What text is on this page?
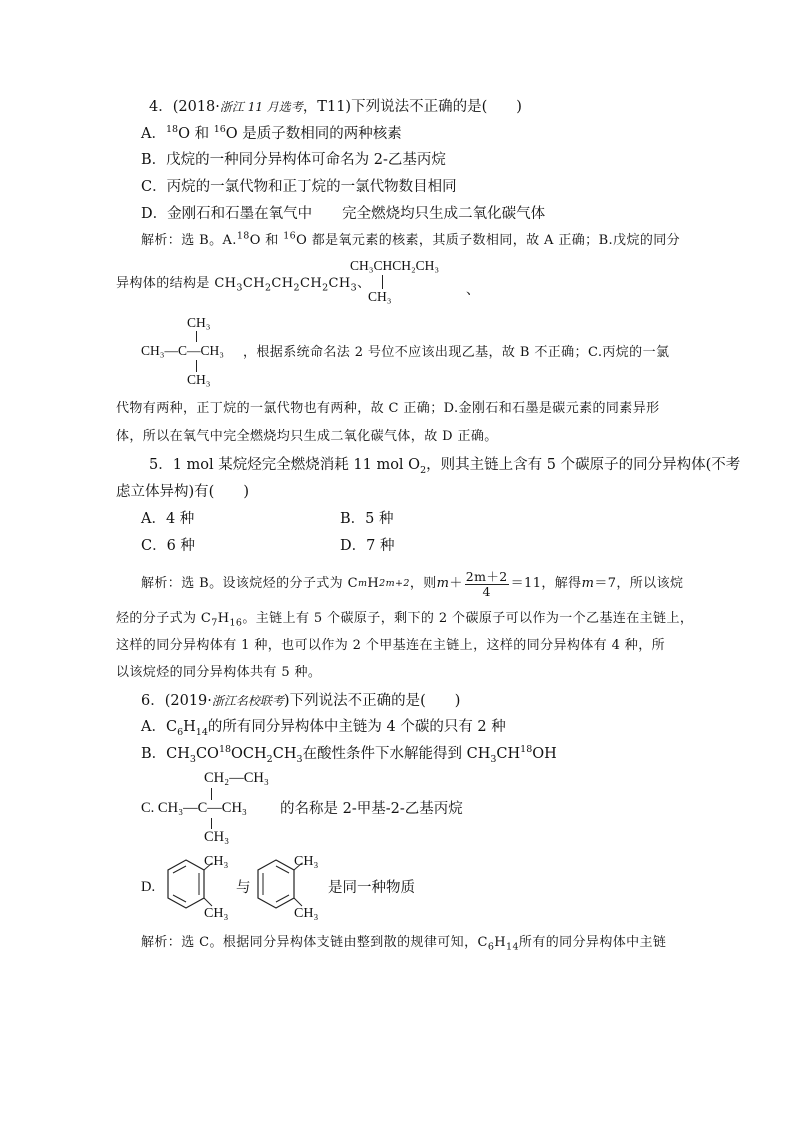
4．(2018·浙江 11 月选考，T11)下列说法不正确的是(　　)
A．$^{18}$O 和 $^{16}$O 是质子数相同的两种核素
B．戊烷的一种同分异构体可命名为 2-乙基丙烷
C．丙烷的一氯代物和正丁烷的一氯代物数目相同
D．金刚石和石墨在氧气中 完全燃烧均只生成二氧化碳气体
解析：选 B。A.$^{18}$O 和 $^{16}$O 都是氧元素的核素，其质子数相同，故 A 正确；B.戊烷的同分
异构体的结构是 $CH_3CH_2CH_2CH_2CH_3$、
CH₃CHCH₂CH₃
CH₃	、
CH₃
CH₃—C—CH₃
CH₃
，根据系统命名法 2 号位不应该出现乙基，故 B 不正确；C.丙烷的一氯
代物有两种，正丁烷的一氯代物也有两种，故 C 正确；D.金刚石和石墨是碳元素的同素异形
体，所以在氧气中完全燃烧均只生成二氧化碳气体，故 D 正确。
5．1 mol 某烷烃完全燃烧消耗 11 mol $O_2$，则其主链上含有 5 个碳原子的同分异构体(不考
虑立体异构)有(　　)
A．4 种	B．5 种
C．6 种	D．7 种
解析：选 B。设该烷烃的分子式为 C m H 2m+2 ，则 $m + \frac{2m+2}{4} =11$，解得 m ＝7，所以该烷
烃的分子式为 $C_7H_{16}$。主链上有 5 个碳原子，剩下的 2 个碳原子可以作为一个乙基连在主链上，
这样的同分异构体有 1 种，也可以作为 2 个甲基连在主链上，这样的同分异构体有 4 种，所
以该烷烃的同分异构体共有 5 种。
6．(2019·浙江名校联考)下列说法不正确的是(　　)
A．$C_6H_{14}$的所有同分异构体中主链为 4 个碳的只有 2 种
B．$CH_3CO^{18}OCH_2CH_3$在酸性条件下水解能得到 $CH_3CH^{18}OH$
CH₂—CH₃
C. CH₃—C—CH₃
CH₃
的名称是 2-甲基-2-乙基丙烷
D.
CH₃
CH₃
与
CH₃
CH₃
是同一种物质
解析：选 C。根据同分异构体支链由整到散的规律可知，$C_6H_{14}$所有的同分异构体中主链
